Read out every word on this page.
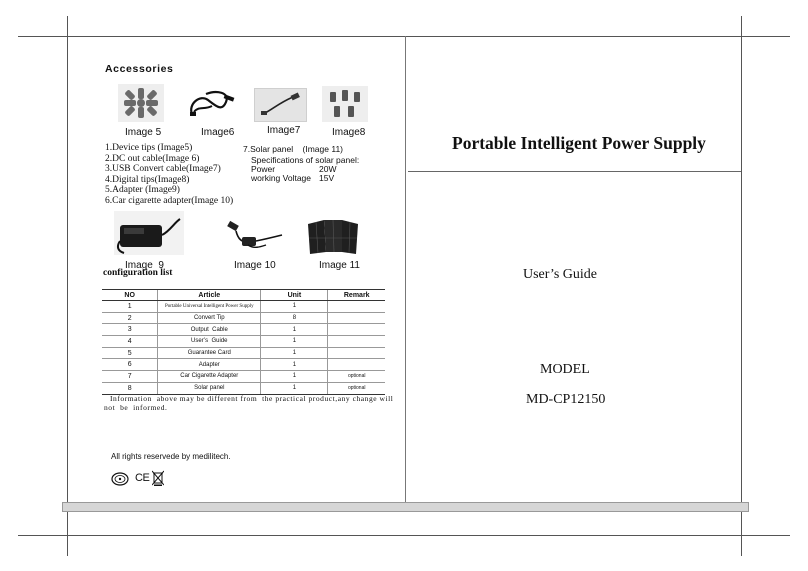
Accessories
Image 5	Image6	Image7	Image8
1.Device tips (Image5)
2.DC out cable(Image 6)
3.USB Convert cable(Image7)
4.Digital tips(Image8)
5.Adapter (Image9)
6.Car cigarette adapter(Image 10)
7.Solar panel    (Image 11)
Specifications of solar panel:
Power	20W
working Voltage 15V
Image  9	Image 10	Image 11
configuration list
NO	Article	Unit	Remark
1	Portable Universal Intelligent Power Supply	1	
2	Convert Tip	8	
3	Output  Cable	1	
4	User’s  Guide	1	
5	Guarantee Card	1	
6	Adapter	1	
7	Car Cigarette Adapter	1	optional
8	Solar panel	1	optional
Information  above may be different from  the practical product,any change will
not  be  informed.
All rights reservede by medilitech.
CE
Portable Intelligent Power Supply
User’s Guide
MODEL
MD-CP12150
